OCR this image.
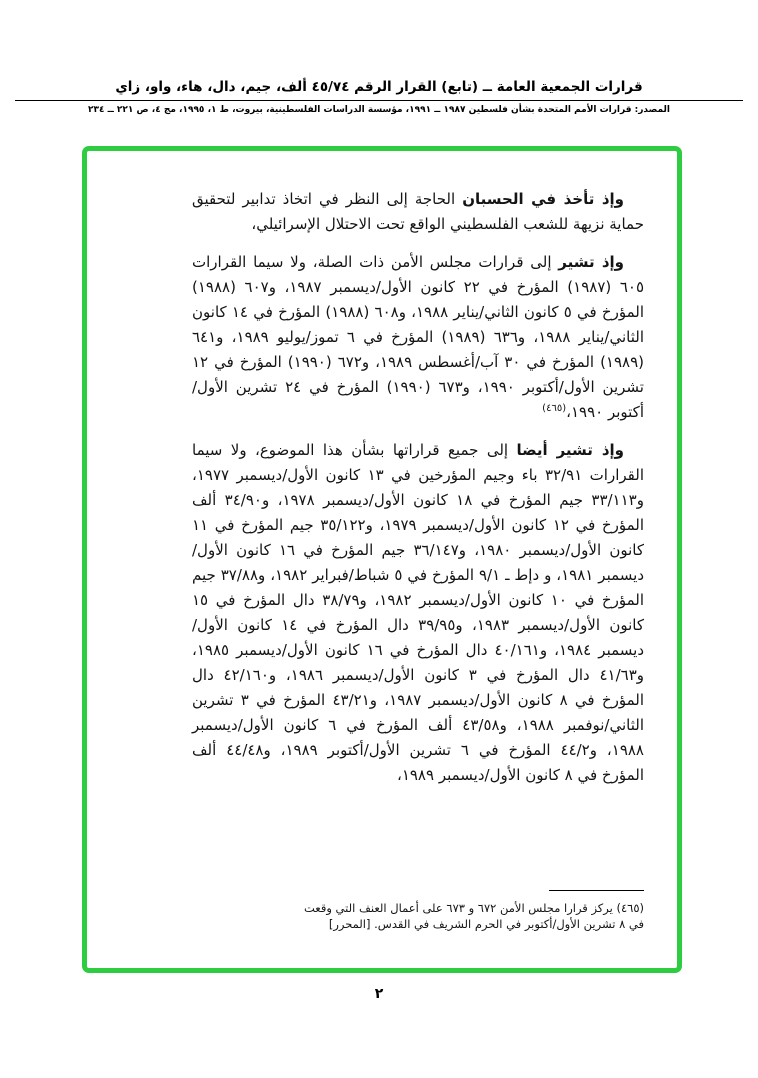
قرارات الجمعية العامة ــ (تابع) القرار الرقم ٤٥/٧٤ ألف، جيم، دال، هاء، واو، زاي
المصدر: قرارات الأمم المتحدة بشأن فلسطين ١٩٨٧ ــ ١٩٩١، مؤسسة الدراسات الفلسطينية، بيروت، ط ١، ١٩٩٥، مج ٤، ص ٢٢١ ــ ٢٣٤

وإذ تأخذ في الحسبان الحاجة إلى النظر في اتخاذ تدابير لتحقيق حماية نزيهة للشعب الفلسطيني الواقع تحت الاحتلال الإسرائيلي،

وإذ تشير إلى قرارات مجلس الأمن ذات الصلة، ولا سيما القرارات ٦٠٥ (١٩٨٧) المؤرخ في ٢٢ كانون الأول/ديسمبر ١٩٨٧، و٦٠٧ (١٩٨٨) المؤرخ في ٥ كانون الثاني/يناير ١٩٨٨، و٦٠٨ (١٩٨٨) المؤرخ في ١٤ كانون الثاني/يناير ١٩٨٨، و٦٣٦ (١٩٨٩) المؤرخ في ٦ تموز/يوليو ١٩٨٩، و٦٤١ (١٩٨٩) المؤرخ في ٣٠ آب/أغسطس ١٩٨٩، و٦٧٢ (١٩٩٠) المؤرخ في ١٢ تشرين الأول/أكتوبر ١٩٩٠، و٦٧٣ (١٩٩٠) المؤرخ في ٢٤ تشرين الأول/أكتوبر ١٩٩٠،$^{(٤٦٥)}$

وإذ تشير أيضا إلى جميع قراراتها بشأن هذا الموضوع، ولا سيما القرارات ٣٢/٩١ باء وجيم المؤرخين في ١٣ كانون الأول/ديسمبر ١٩٧٧، و٣٣/١١٣ جيم المؤرخ في ١٨ كانون الأول/ديسمبر ١٩٧٨، و٣٤/٩٠ ألف المؤرخ في ١٢ كانون الأول/ديسمبر ١٩٧٩، و٣٥/١٢٢ جيم المؤرخ في ١١ كانون الأول/ديسمبر ١٩٨٠، و٣٦/١٤٧ جيم المؤرخ في ١٦ كانون الأول/ديسمبر ١٩٨١، و دإط ـ ٩/١ المؤرخ في ٥ شباط/فبراير ١٩٨٢، و٣٧/٨٨ جيم المؤرخ في ١٠ كانون الأول/ديسمبر ١٩٨٢، و٣٨/٧٩ دال المؤرخ في ١٥ كانون الأول/ديسمبر ١٩٨٣، و٣٩/٩٥ دال المؤرخ في ١٤ كانون الأول/ديسمبر ١٩٨٤، و٤٠/١٦١ دال المؤرخ في ١٦ كانون الأول/ديسمبر ١٩٨٥، و٤١/٦٣ دال المؤرخ في ٣ كانون الأول/ديسمبر ١٩٨٦، و٤٢/١٦٠ دال المؤرخ في ٨ كانون الأول/ديسمبر ١٩٨٧، و٤٣/٢١ المؤرخ في ٣ تشرين الثاني/نوفمبر ١٩٨٨، و٤٣/٥٨ ألف المؤرخ في ٦ كانون الأول/ديسمبر ١٩٨٨، و٤٤/٢ المؤرخ في ٦ تشرين الأول/أكتوبر ١٩٨٩، و٤٤/٤٨ ألف المؤرخ في ٨ كانون الأول/ديسمبر ١٩٨٩،

(٤٦٥) يركز قرارا مجلس الأمن ٦٧٢ و ٦٧٣ على أعمال العنف التي وقعت في ٨ تشرين الأول/أكتوبر في الحرم الشريف في القدس. [المحرر]
٢
